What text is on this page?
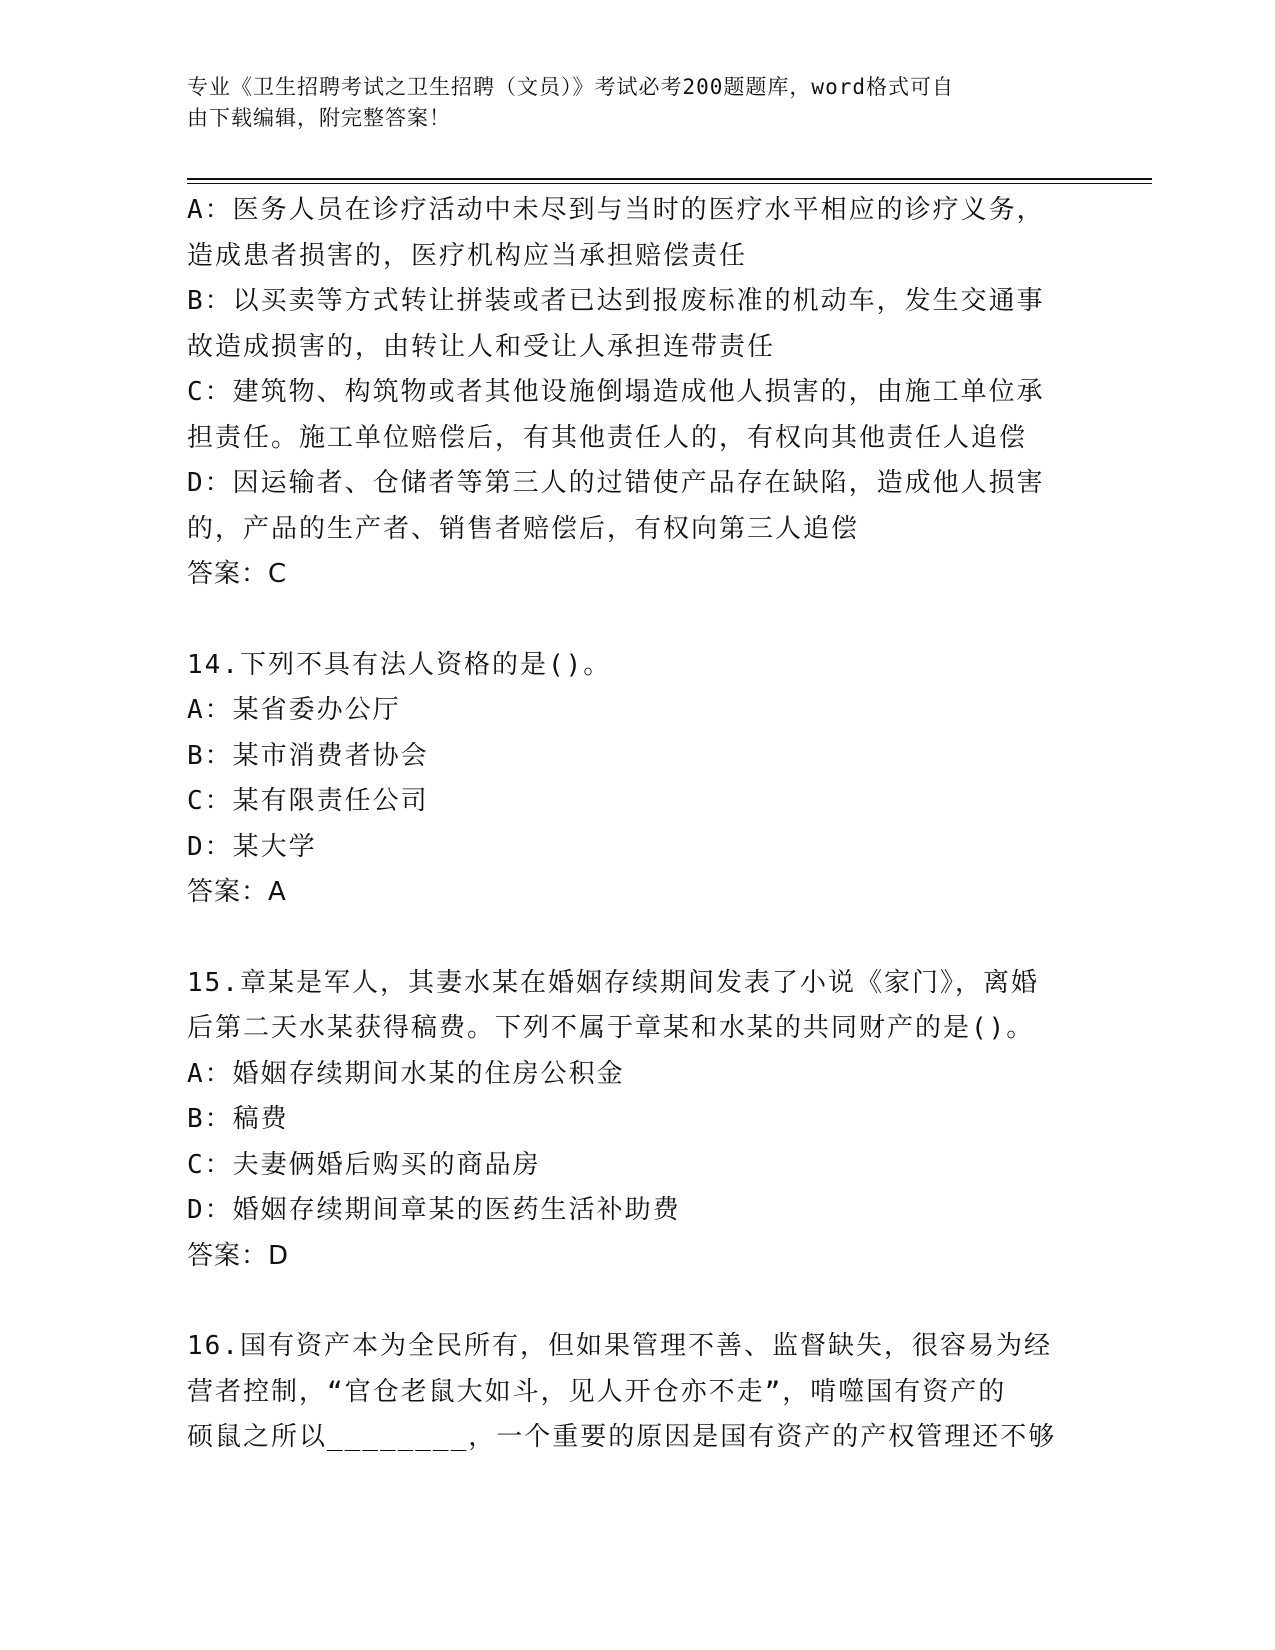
专业《卫生招聘考试之卫生招聘（文员）》考试必考200题题库，word格式可自
由下载编辑，附完整答案！

A：医务人员在诊疗活动中未尽到与当时的医疗水平相应的诊疗义务，

造成患者损害的，医疗机构应当承担赔偿责任

B：以买卖等方式转让拼装或者已达到报废标准的机动车，发生交通事

故造成损害的，由转让人和受让人承担连带责任

C：建筑物、构筑物或者其他设施倒塌造成他人损害的，由施工单位承

担责任。施工单位赔偿后，有其他责任人的，有权向其他责任人追偿

D：因运输者、仓储者等第三人的过错使产品存在缺陷，造成他人损害

的，产品的生产者、销售者赔偿后，有权向第三人追偿

答案：C

14.下列不具有法人资格的是()。

A：某省委办公厅

B：某市消费者协会

C：某有限责任公司

D：某大学

答案：A

15.章某是军人，其妻水某在婚姻存续期间发表了小说《家门》，离婚

后第二天水某获得稿费。下列不属于章某和水某的共同财产的是()。

A：婚姻存续期间水某的住房公积金

B：稿费

C：夫妻俩婚后购买的商品房

D：婚姻存续期间章某的医药生活补助费

答案：D

16.国有资产本为全民所有，但如果管理不善、监督缺失，很容易为经

营者控制，“官仓老鼠大如斗，见人开仓亦不走”，啃噬国有资产的

硕鼠之所以________，一个重要的原因是国有资产的产权管理还不够
